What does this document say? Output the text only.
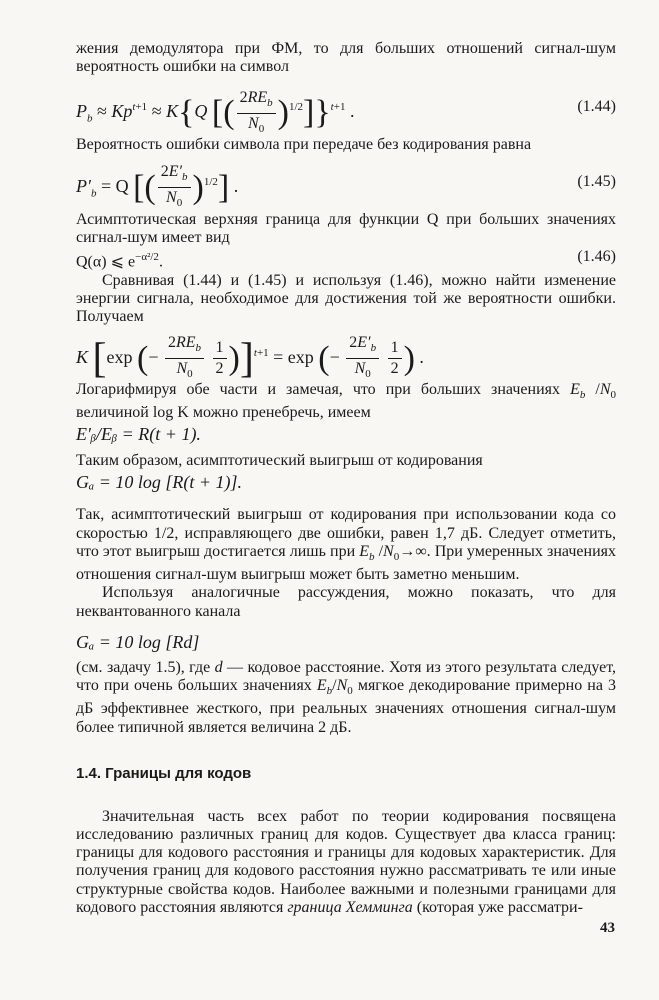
жения демодулятора при ФМ, то для больших отношений сигнал-шум вероятность ошибки на символ

$P_b \approx Kp^{t+1} \approx K\{Q$ [( $\frac{2RE_b}{N_0} )^{1/2}]\}^{t+1}$ .	(1.44)

Вероятность ошибки символа при передаче без кодирования равна

$P'_b = Q$ [( $\frac{2E'_b}{N_0} )^{1/2}$] .	(1.45)

Асимптотическая верхняя граница для функции Q при больших значениях сигнал-шум имеет вид

Q(α) ⩽ $e^{-\alpha^2/2}$.	(1.46)

Сравнивая (1.44) и (1.45) и используя (1.46), можно найти изменение энергии сигнала, необходимое для достижения той же вероятности ошибки. Получаем

K [exp (− $\frac{2RE_b}{N_0}$
$\frac{1}{2} )]^{t+1} = \exp$ (− $\frac{2E'_b}{N_0}$
$\frac{1}{2}$ ) .

Логарифмируя обе части и замечая, что при больших значениях $E_b$ $/N_0$ величиной log K можно пренебречь, имеем

E′ᵦ/Eᵦ = R(t + 1).

Таким образом, асимптотический выигрыш от кодирования

Gₐ = 10 log [R(t + 1)].

Так, асимптотический выигрыш от кодирования при использовании кода со скоростью 1/2, исправляющего две ошибки, равен 1,7 дБ. Следует отметить, что этот выигрыш достигается лишь при $E_b$ $/N_0\to\infty$. При умеренных значениях отношения сигнал-шум выигрыш может быть заметно меньшим.

Используя аналогичные рассуждения, можно показать, что для неквантованного канала

Gₐ = 10 log [Rd]

(см. задачу 1.5), где d — кодовое расстояние. Хотя из этого результата следует, что при очень больших значениях $E_b/N_0$ мягкое декодирование примерно на 3 дБ эффективнее жесткого, при реальных значениях отношения сигнал-шум более типичной является величина 2 дБ.

1.4. Границы для кодов

Значительная часть всех работ по теории кодирования посвящена исследованию различных границ для кодов. Существует два класса границ: границы для кодового расстояния и границы для кодовых характеристик. Для получения границ для кодового расстояния нужно рассматривать те или иные структурные свойства кодов. Наиболее важными и полезными границами для кодового расстояния являются граница Хемминга (которая уже рассматри-

43
